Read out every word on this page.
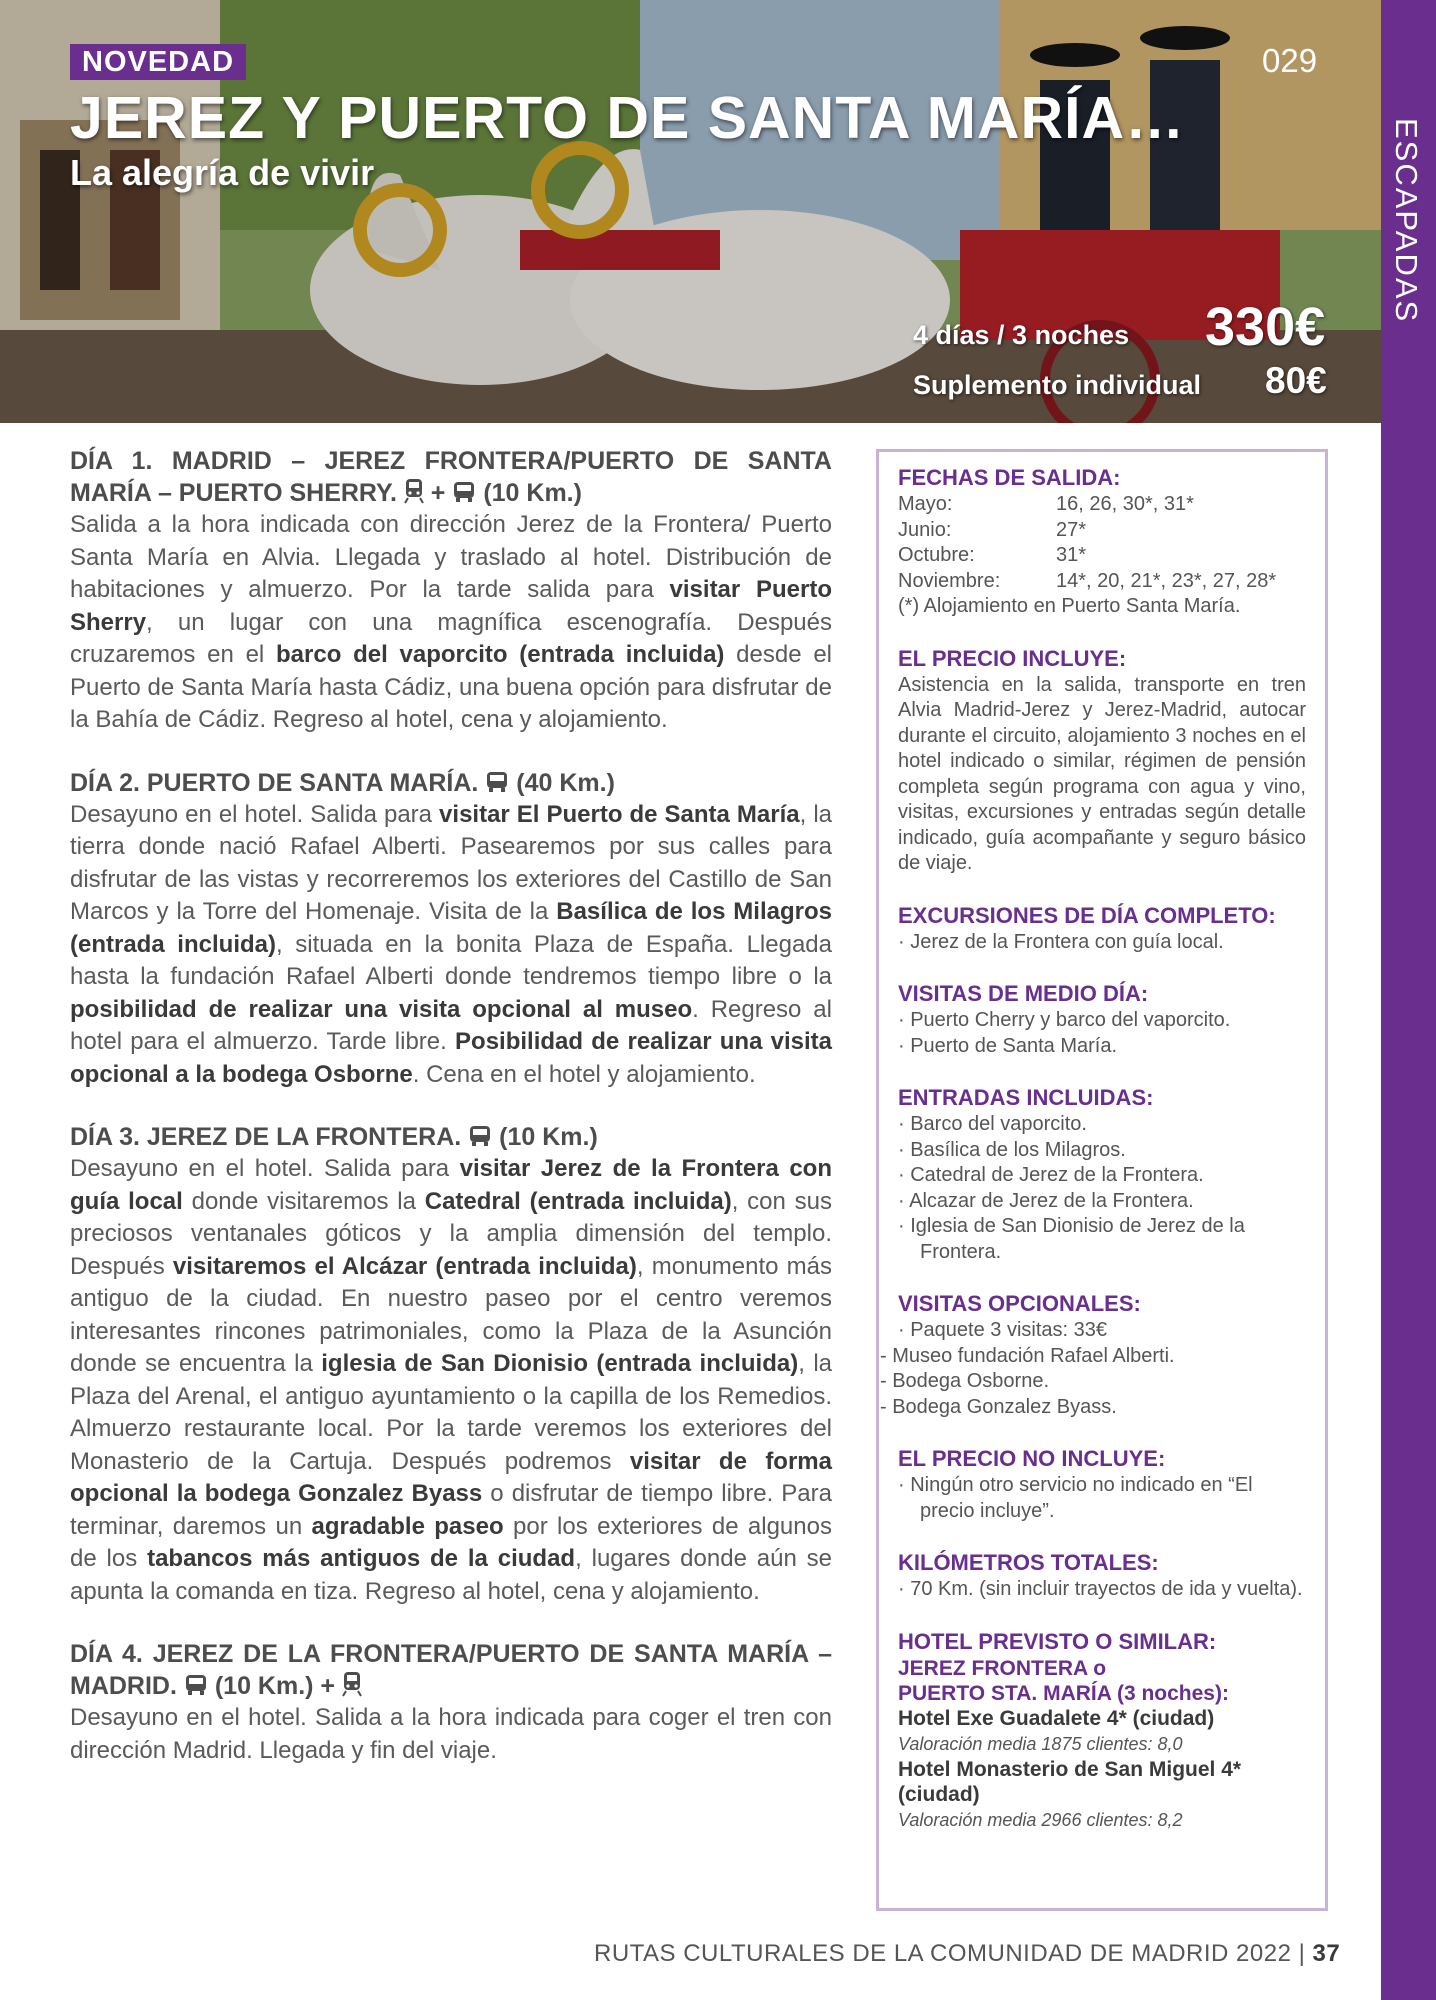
NOVEDAD	029
JEREZ Y PUERTO DE SANTA MARÍA…
La alegría de vivir
4 días / 3 noches 330€
Suplemento individual 80€
ESCAPADAS
DÍA 1. MADRID – JEREZ FRONTERA/PUERTO DE SANTA MARÍA – PUERTO SHERRY.  +  (10 Km.)

Salida a la hora indicada con dirección Jerez de la Frontera/ Puerto Santa María en Alvia. Llegada y traslado al hotel. Distribución de habitaciones y almuerzo. Por la tarde salida para visitar Puerto Sherry, un lugar con una magnífica escenografía. Después cruzaremos en el barco del vaporcito (entrada incluida) desde el Puerto de Santa María hasta Cádiz, una buena opción para disfrutar de la Bahía de Cádiz. Regreso al hotel, cena y alojamiento.

DÍA 2. PUERTO DE SANTA MARÍA. (40 Km.)

Desayuno en el hotel. Salida para visitar El Puerto de Santa María, la tierra donde nació Rafael Alberti. Pasearemos por sus calles para disfrutar de las vistas y recorreremos los exteriores del Castillo de San Marcos y la Torre del Homenaje. Visita de la Basílica de los Milagros (entrada incluida), situada en la bonita Plaza de España. Llegada hasta la fundación Rafael Alberti donde tendremos tiempo libre o la posibilidad de realizar una visita opcional al museo. Regreso al hotel para el almuerzo. Tarde libre. Posibilidad de realizar una visita opcional a la bodega Osborne. Cena en el hotel y alojamiento.

DÍA 3. JEREZ DE LA FRONTERA. (10 Km.)

Desayuno en el hotel. Salida para visitar Jerez de la Frontera con guía local donde visitaremos la Catedral (entrada incluida), con sus preciosos ventanales góticos y la amplia dimensión del templo. Después visitaremos el Alcázar (entrada incluida), monumento más antiguo de la ciudad. En nuestro paseo por el centro veremos interesantes rincones patrimoniales, como la Plaza de la Asunción donde se encuentra la iglesia de San Dionisio (entrada incluida), la Plaza del Arenal, el antiguo ayuntamiento o la capilla de los Remedios. Almuerzo restaurante local. Por la tarde veremos los exteriores del Monasterio de la Cartuja. Después podremos visitar de forma opcional la bodega Gonzalez Byass o disfrutar de tiempo libre. Para terminar, daremos un agradable paseo por los exteriores de algunos de los tabancos más antiguos de la ciudad, lugares donde aún se apunta la comanda en tiza. Regreso al hotel, cena y alojamiento.

DÍA 4. JEREZ DE LA FRONTERA/PUERTO DE SANTA MARÍA – MADRID. (10 Km.) +

Desayuno en el hotel. Salida a la hora indicada para coger el tren con dirección Madrid. Llegada y fin del viaje.

FECHAS DE SALIDA:
Mayo:	16, 26, 30*, 31*
Junio:	27*
Octubre:	31*
Noviembre:	14*, 20, 21*, 23*, 27, 28*

(*) Alojamiento en Puerto Santa María.

EL PRECIO INCLUYE:

Asistencia en la salida, transporte en tren Alvia Madrid-Jerez y Jerez-Madrid, autocar durante el circuito, alojamiento 3 noches en el hotel indicado o similar, régimen de pensión completa según programa con agua y vino, visitas, excursiones y entradas según detalle indicado, guía acompañante y seguro básico de viaje.

EXCURSIONES DE DÍA COMPLETO:
· Jerez de la Frontera con guía local.
VISITAS DE MEDIO DÍA:
· Puerto Cherry y barco del vaporcito.
· Puerto de Santa María.
ENTRADAS INCLUIDAS:
· Barco del vaporcito.
· Basílica de los Milagros.
· Catedral de Jerez de la Frontera.
· Alcazar de Jerez de la Frontera.
· Iglesia de San Dionisio de Jerez de la Frontera.
VISITAS OPCIONALES:
· Paquete 3 visitas: 33€
- Museo fundación Rafael Alberti.
- Bodega Osborne.
- Bodega Gonzalez Byass.
EL PRECIO NO INCLUYE:
· Ningún otro servicio no indicado en “El precio incluye”.
KILÓMETROS TOTALES:
· 70 Km. (sin incluir trayectos de ida y vuelta).
HOTEL PREVISTO O SIMILAR:
JEREZ FRONTERA o
PUERTO STA. MARÍA (3 noches):
Hotel Exe Guadalete 4* (ciudad)
Valoración media 1875 clientes: 8,0
Hotel Monasterio de San Miguel 4* (ciudad)
Valoración media 2966 clientes: 8,2
RUTAS CULTURALES DE LA COMUNIDAD DE MADRID 2022 | 37
